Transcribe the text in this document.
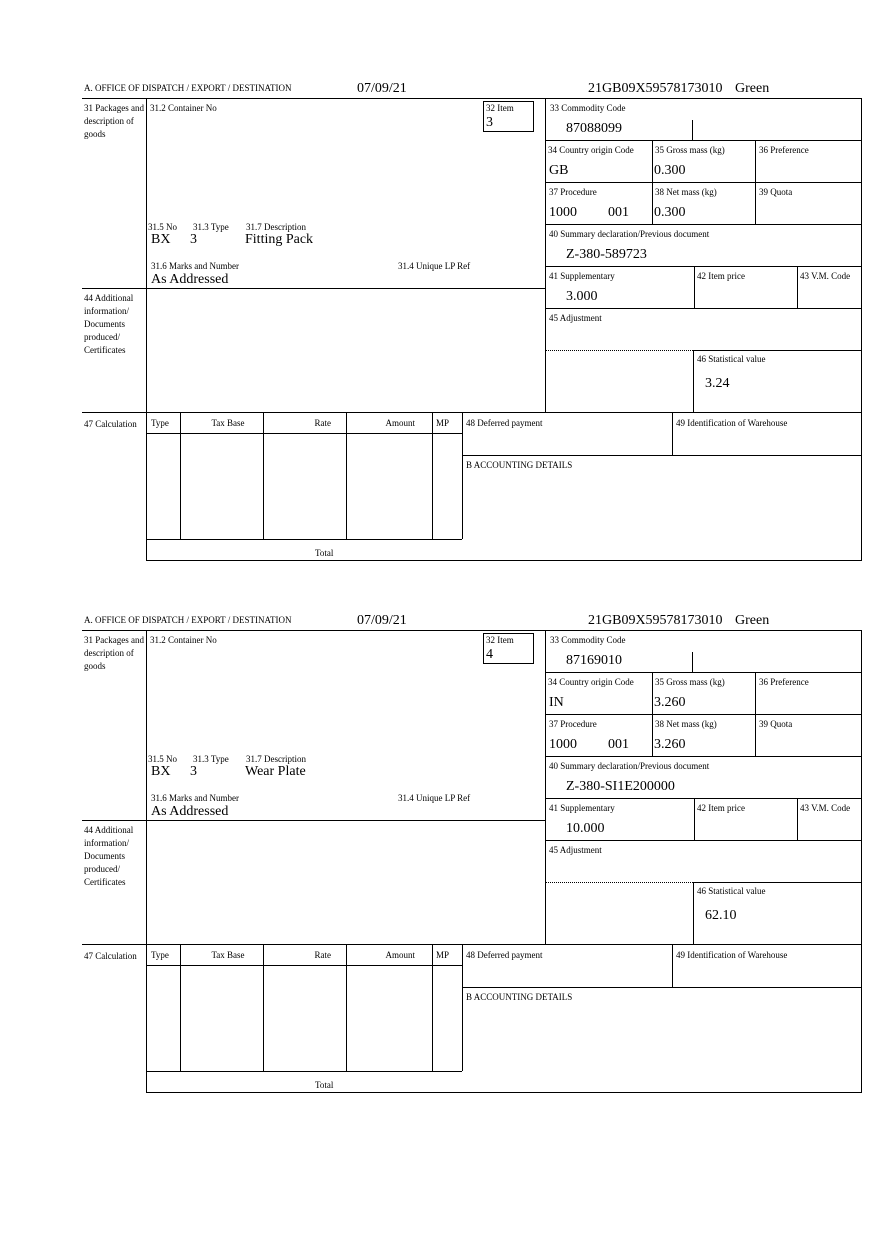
A. OFFICE OF DISPATCH / EXPORT / DESTINATION	07/09/21	21GB09X59578173010 Green
31 Packages and description of goods
44 Additional information/ Documents produced/ Certificates
47 Calculation
31.2 Container No	32 Item
3
31.5 No 31.3 Type 31.7 Description
BX 3	Fitting Pack
31.6 Marks and Number	31.4 Unique LP Ref
As Addressed
33 Commodity Code
87088099
34 Country origin Code 35 Gross mass (kg)	36 Preference
GB	0.300
37 Procedure	38 Net mass (kg)	39 Quota
1000 001 0.300
40 Summary declaration/Previous document
Z-380-589723
41 Supplementary	42 Item price	43 V.M. Code
3.000
45 Adjustment
46 Statistical value
3.24
Type	Tax Base	Rate	Amount MP
Total
48 Deferred payment	49 Identification of Warehouse
B ACCOUNTING DETAILS
A. OFFICE OF DISPATCH / EXPORT / DESTINATION	07/09/21	21GB09X59578173010 Green
31 Packages and description of goods
44 Additional information/ Documents produced/ Certificates
47 Calculation
31.2 Container No	32 Item
4
31.5 No 31.3 Type 31.7 Description
BX 3	Wear Plate
31.6 Marks and Number	31.4 Unique LP Ref
As Addressed
33 Commodity Code
87169010
34 Country origin Code 35 Gross mass (kg)	36 Preference
IN	3.260
37 Procedure	38 Net mass (kg)	39 Quota
1000 001 3.260
40 Summary declaration/Previous document
Z-380-SI1E200000
41 Supplementary	42 Item price	43 V.M. Code
10.000
45 Adjustment
46 Statistical value
62.10
Type	Tax Base	Rate	Amount MP
Total
48 Deferred payment	49 Identification of Warehouse
B ACCOUNTING DETAILS
